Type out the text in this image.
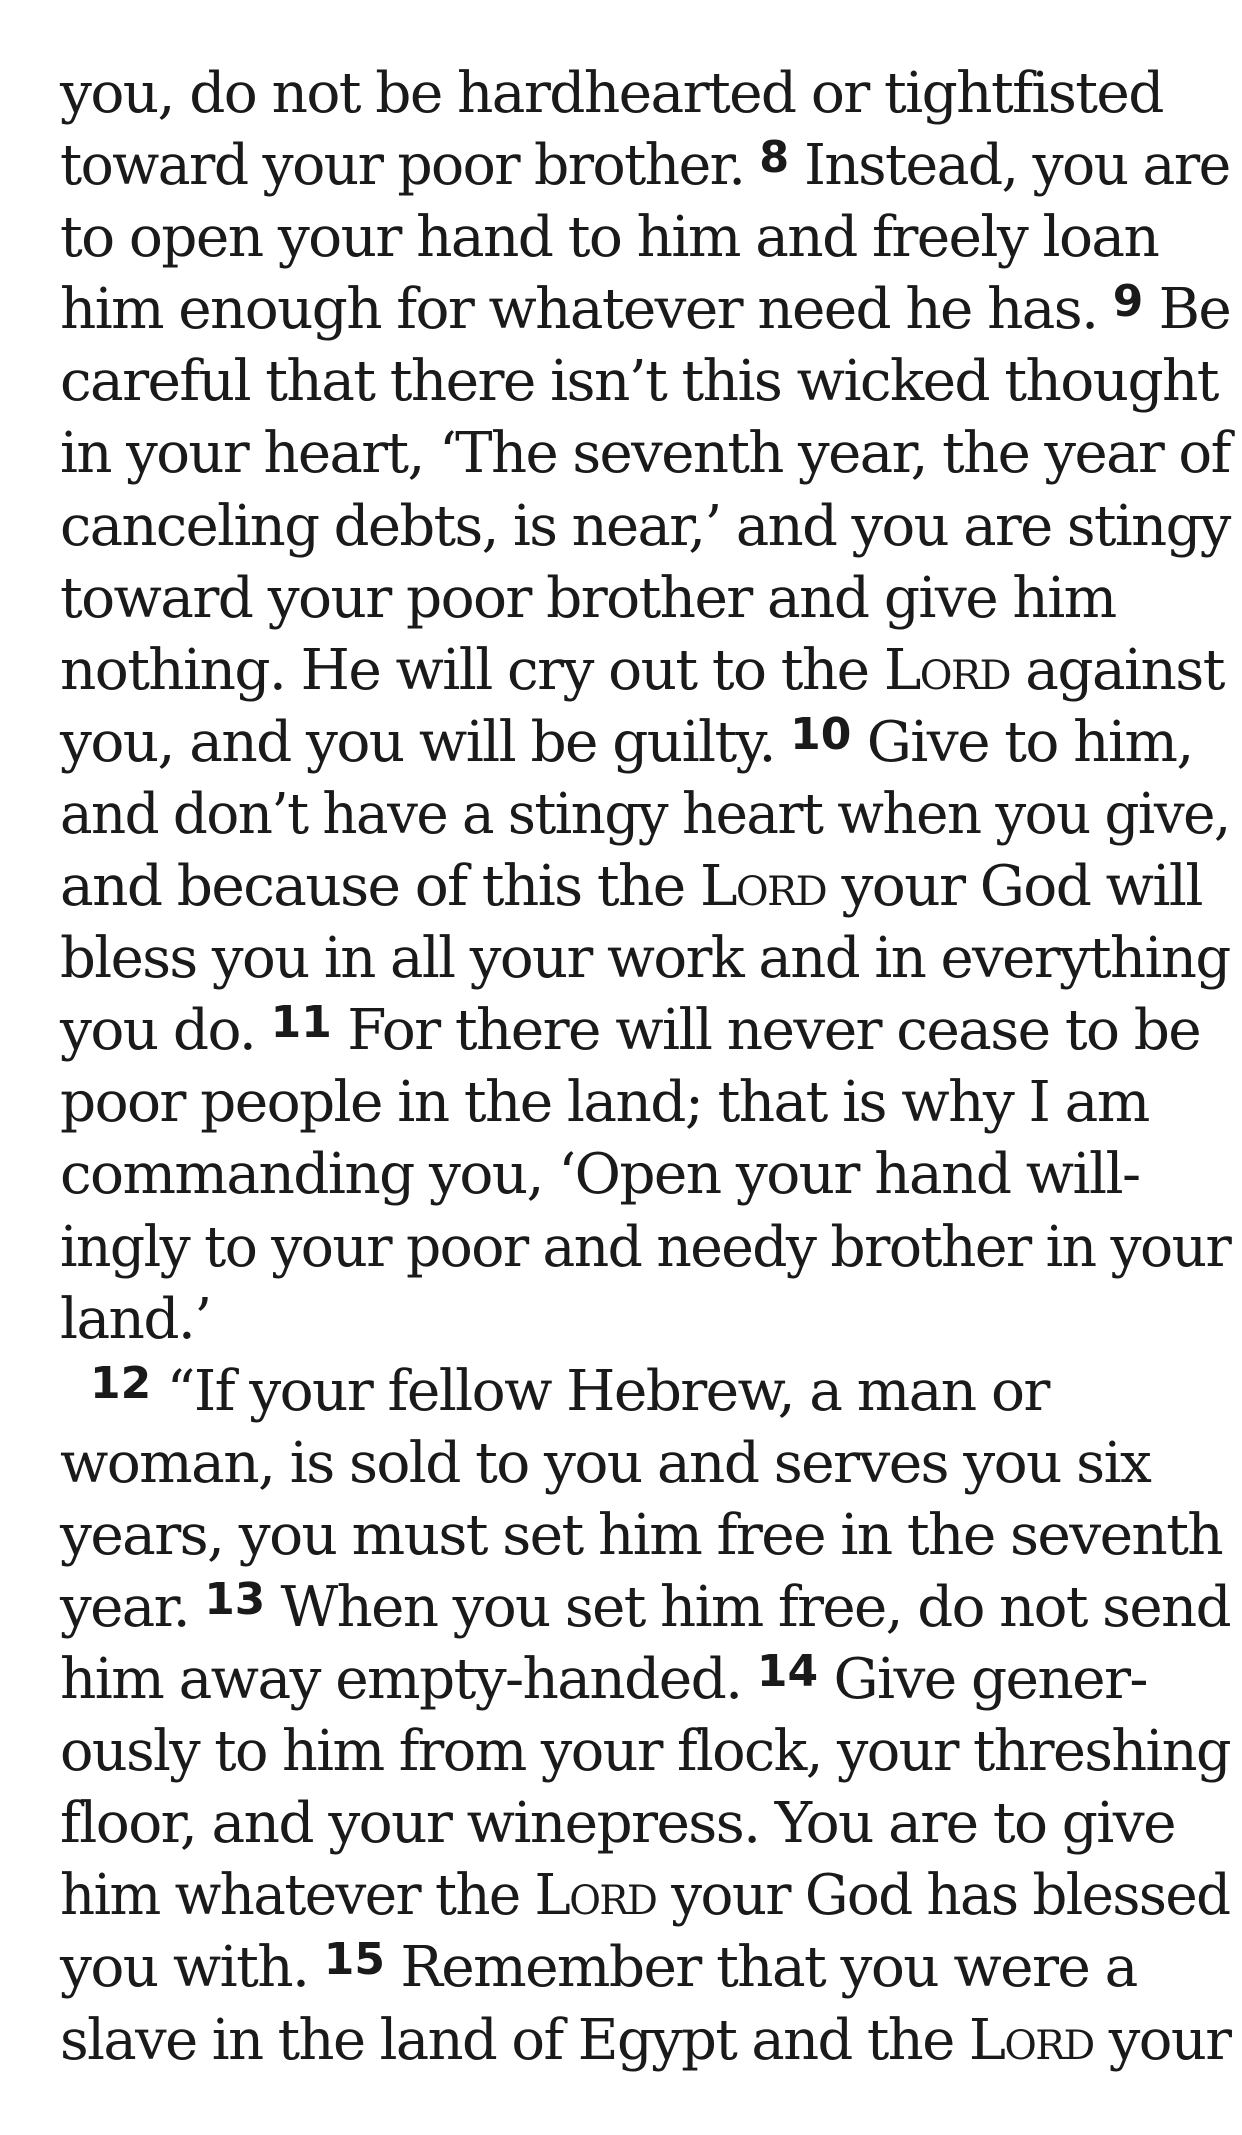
you, do not be hardhearted or tightfisted
toward your poor brother. $^8$ Instead, you are
to open your hand to him and freely loan
him enough for whatever need he has. $^9$ Be
careful that there isn’t this wicked thought
in your heart, ‘The seventh year, the year of
canceling debts, is near,’ and you are stingy
toward your poor brother and give him
nothing. He will cry out to the Lord against
you, and you will be guilty. $^{10}$ Give to him,
and don’t have a stingy heart when you give,
and because of this the Lord your God will
bless you in all your work and in everything
you do. $^{11}$ For there will never cease to be
poor people in the land; that is why I am
commanding you, ‘Open your hand will-
ingly to your poor and needy brother in your
land.’
$^{12}$ “If your fellow Hebrew, a man or
woman, is sold to you and serves you six
years, you must set him free in the seventh
year. $^{13}$ When you set him free, do not send
him away empty-handed. $^{14}$ Give gener-
ously to him from your flock, your threshing
floor, and your winepress. You are to give
him whatever the Lord your God has blessed
you with. $^{15}$ Remember that you were a
slave in the land of Egypt and the Lord your
